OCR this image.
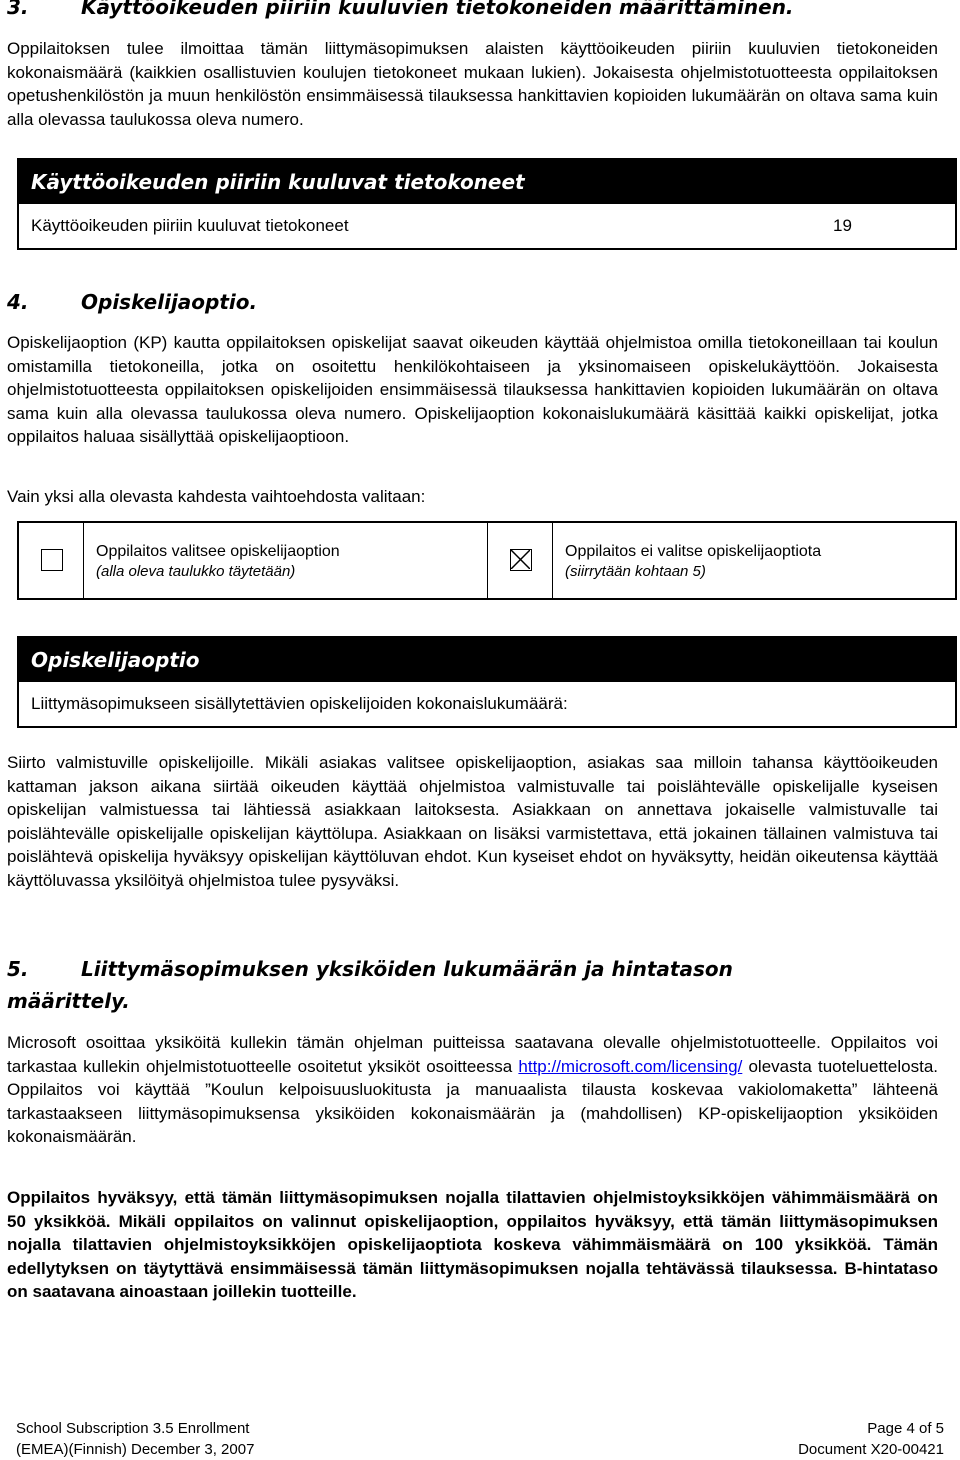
3.	Käyttöoikeuden piiriin kuuluvien tietokoneiden määrittäminen.

Oppilaitoksen tulee ilmoittaa tämän liittymäsopimuksen alaisten käyttöoikeuden piiriin kuuluvien tietokoneiden kokonaismäärä (kaikkien osallistuvien koulujen tietokoneet mukaan lukien). Jokaisesta ohjelmistotuotteesta oppilaitoksen opetushenkilöstön ja muun henkilöstön ensimmäisessä tilauksessa hankittavien kopioiden lukumäärän on oltava sama kuin alla olevassa taulukossa oleva numero.

Käyttöoikeuden piiriin kuuluvat tietokoneet
Käyttöoikeuden piiriin kuuluvat tietokoneet	19
4.	Opiskelijaoptio.

Opiskelijaoption (KP) kautta oppilaitoksen opiskelijat saavat oikeuden käyttää ohjelmistoa omilla tietokoneillaan tai koulun omistamilla tietokoneilla, jotka on osoitettu henkilökohtaiseen ja yksinomaiseen opiskelukäyttöön. Jokaisesta ohjelmistotuotteesta oppilaitoksen opiskelijoiden ensimmäisessä tilauksessa hankittavien kopioiden lukumäärän on oltava sama kuin alla olevassa taulukossa oleva numero. Opiskelijaoption kokonaislukumäärä käsittää kaikki opiskelijat, jotka oppilaitos haluaa sisällyttää opiskelijaoptioon.

Vain yksi alla olevasta kahdesta vaihtoehdosta valitaan:

Oppilaitos valitsee opiskelijaoption
(alla oleva taulukko täytetään)
Oppilaitos ei valitse opiskelijaoptiota
(siirrytään kohtaan 5)
Opiskelijaoptio
Liittymäsopimukseen sisällytettävien opiskelijoiden kokonaislukumäärä:

Siirto valmistuville opiskelijoille. Mikäli asiakas valitsee opiskelijaoption, asiakas saa milloin tahansa käyttöoikeuden kattaman jakson aikana siirtää oikeuden käyttää ohjelmistoa valmistuvalle tai poislähtevälle opiskelijalle kyseisen opiskelijan valmistuessa tai lähtiessä asiakkaan laitoksesta. Asiakkaan on annettava jokaiselle valmistuvalle tai poislähtevälle opiskelijalle opiskelijan käyttölupa. Asiakkaan on lisäksi varmistettava, että jokainen tällainen valmistuva tai poislähtevä opiskelija hyväksyy opiskelijan käyttöluvan ehdot. Kun kyseiset ehdot on hyväksytty, heidän oikeutensa käyttää käyttöluvassa yksilöityä ohjelmistoa tulee pysyväksi.

5.	Liittymäsopimuksen yksiköiden lukumäärän ja hintatason
määrittely.

Microsoft osoittaa yksiköitä kullekin tämän ohjelman puitteissa saatavana olevalle ohjelmistotuotteelle. Oppilaitos voi tarkastaa kullekin ohjelmistotuotteelle osoitetut yksiköt osoitteessa http://microsoft.com/licensing/ olevasta tuoteluettelosta. Oppilaitos voi käyttää ”Koulun kelpoisuusluokitusta ja manuaalista tilausta koskevaa vakiolomaketta” lähteenä tarkastaakseen liittymäsopimuksensa yksiköiden kokonaismäärän ja (mahdollisen) KP-opiskelijaoption yksiköiden kokonaismäärän.

Oppilaitos hyväksyy, että tämän liittymäsopimuksen nojalla tilattavien ohjelmistoyksikköjen vähimmäismäärä on 50 yksikköä. Mikäli oppilaitos on valinnut opiskelijaoption, oppilaitos hyväksyy, että tämän liittymäsopimuksen nojalla tilattavien ohjelmistoyksikköjen opiskelijaoptiota koskeva vähimmäismäärä on 100 yksikköä. Tämän edellytyksen on täytyttävä ensimmäisessä tämän liittymäsopimuksen nojalla tehtävässä tilauksessa. B-hintataso on saatavana ainoastaan joillekin tuotteille.

School Subscription 3.5 Enrollment
(EMEA)(Finnish) December 3, 2007
Page 4 of 5
Document X20-00421
